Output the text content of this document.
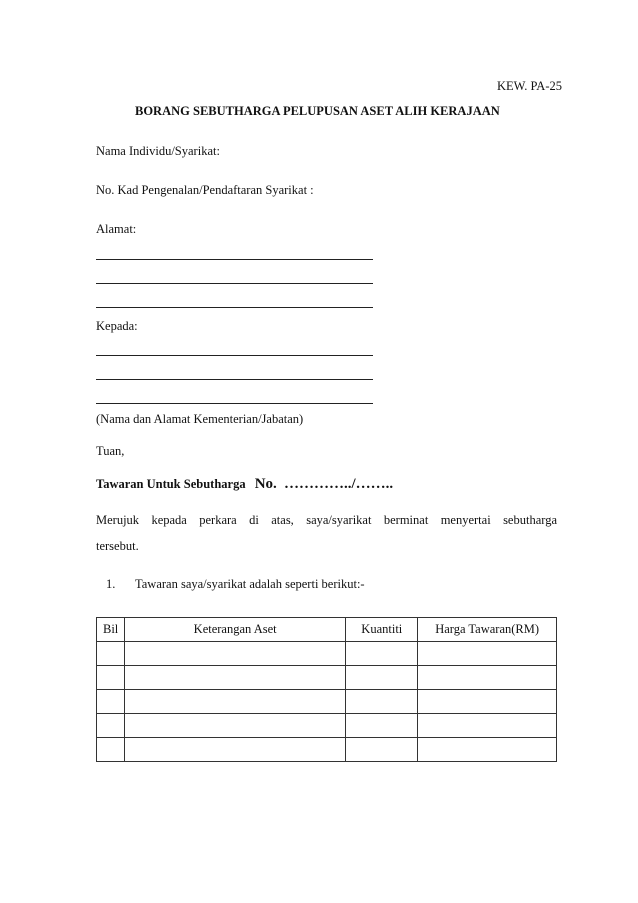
KEW. PA-25
BORANG SEBUTHARGA PELUPUSAN ASET ALIH KERAJAAN
Nama Individu/Syarikat:
No. Kad Pengenalan/Pendaftaran Syarikat :
Alamat:
Kepada:
(Nama dan Alamat Kementerian/Jabatan)
Tuan,
Tawaran Untuk Sebutharga No. …………../……..
Merujuk kepada perkara di atas, saya/syarikat berminat menyertai sebutharga
tersebut.
1. Tawaran saya/syarikat adalah seperti berikut:-
Bil	Keterangan Aset	Kuantiti	Harga Tawaran(RM)
